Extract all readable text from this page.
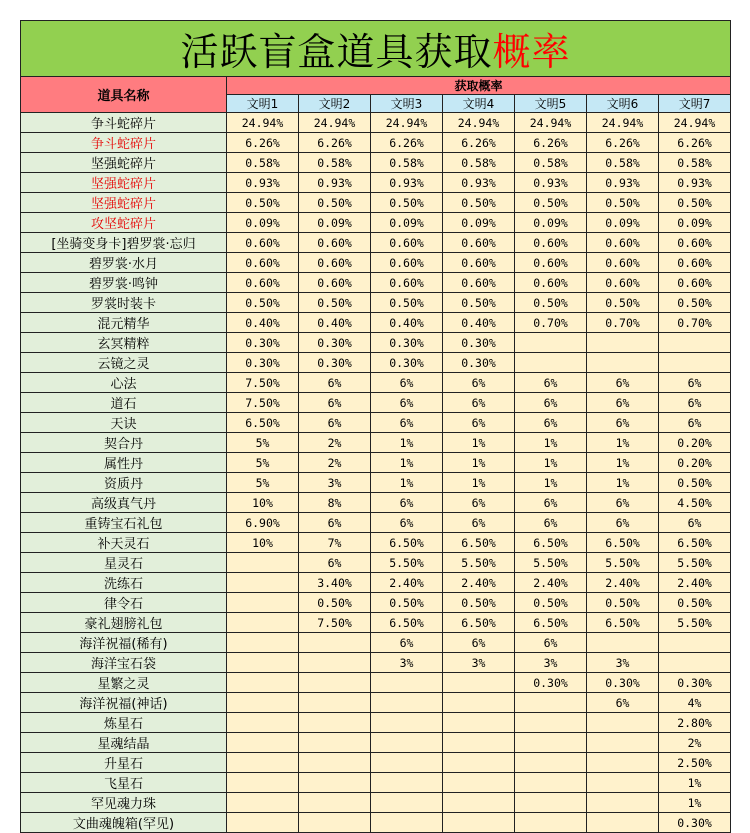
活跃盲盒道具获取概率							
道具名称	获取概率						
	文明1	文明2	文明3	文明4	文明5	文明6	文明7
争斗蛇碎片	24.94%	24.94%	24.94%	24.94%	24.94%	24.94%	24.94%
争斗蛇碎片	6.26%	6.26%	6.26%	6.26%	6.26%	6.26%	6.26%
坚强蛇碎片	0.58%	0.58%	0.58%	0.58%	0.58%	0.58%	0.58%
坚强蛇碎片	0.93%	0.93%	0.93%	0.93%	0.93%	0.93%	0.93%
坚强蛇碎片	0.50%	0.50%	0.50%	0.50%	0.50%	0.50%	0.50%
攻坚蛇碎片	0.09%	0.09%	0.09%	0.09%	0.09%	0.09%	0.09%
[坐骑变身卡]碧罗裳·忘归	0.60%	0.60%	0.60%	0.60%	0.60%	0.60%	0.60%
碧罗裳·水月	0.60%	0.60%	0.60%	0.60%	0.60%	0.60%	0.60%
碧罗裳·鸣钟	0.60%	0.60%	0.60%	0.60%	0.60%	0.60%	0.60%
罗裳时装卡	0.50%	0.50%	0.50%	0.50%	0.50%	0.50%	0.50%
混元精华	0.40%	0.40%	0.40%	0.40%	0.70%	0.70%	0.70%
玄冥精粹	0.30%	0.30%	0.30%	0.30%			
云镜之灵	0.30%	0.30%	0.30%	0.30%			
心法	7.50%	6%	6%	6%	6%	6%	6%
道石	7.50%	6%	6%	6%	6%	6%	6%
天诀	6.50%	6%	6%	6%	6%	6%	6%
契合丹	5%	2%	1%	1%	1%	1%	0.20%
属性丹	5%	2%	1%	1%	1%	1%	0.20%
资质丹	5%	3%	1%	1%	1%	1%	0.50%
高级真气丹	10%	8%	6%	6%	6%	6%	4.50%
重铸宝石礼包	6.90%	6%	6%	6%	6%	6%	6%
补天灵石	10%	7%	6.50%	6.50%	6.50%	6.50%	6.50%
星灵石		6%	5.50%	5.50%	5.50%	5.50%	5.50%
洗练石		3.40%	2.40%	2.40%	2.40%	2.40%	2.40%
律令石		0.50%	0.50%	0.50%	0.50%	0.50%	0.50%
豪礼翅膀礼包		7.50%	6.50%	6.50%	6.50%	6.50%	5.50%
海洋祝福(稀有)			6%	6%	6%		
海洋宝石袋			3%	3%	3%	3%	
星繁之灵					0.30%	0.30%	0.30%
海洋祝福(神话)						6%	4%
炼星石							2.80%
星魂结晶							2%
升星石							2.50%
飞星石							1%
罕见魂力珠							1%
文曲魂魄箱(罕见)							0.30%
